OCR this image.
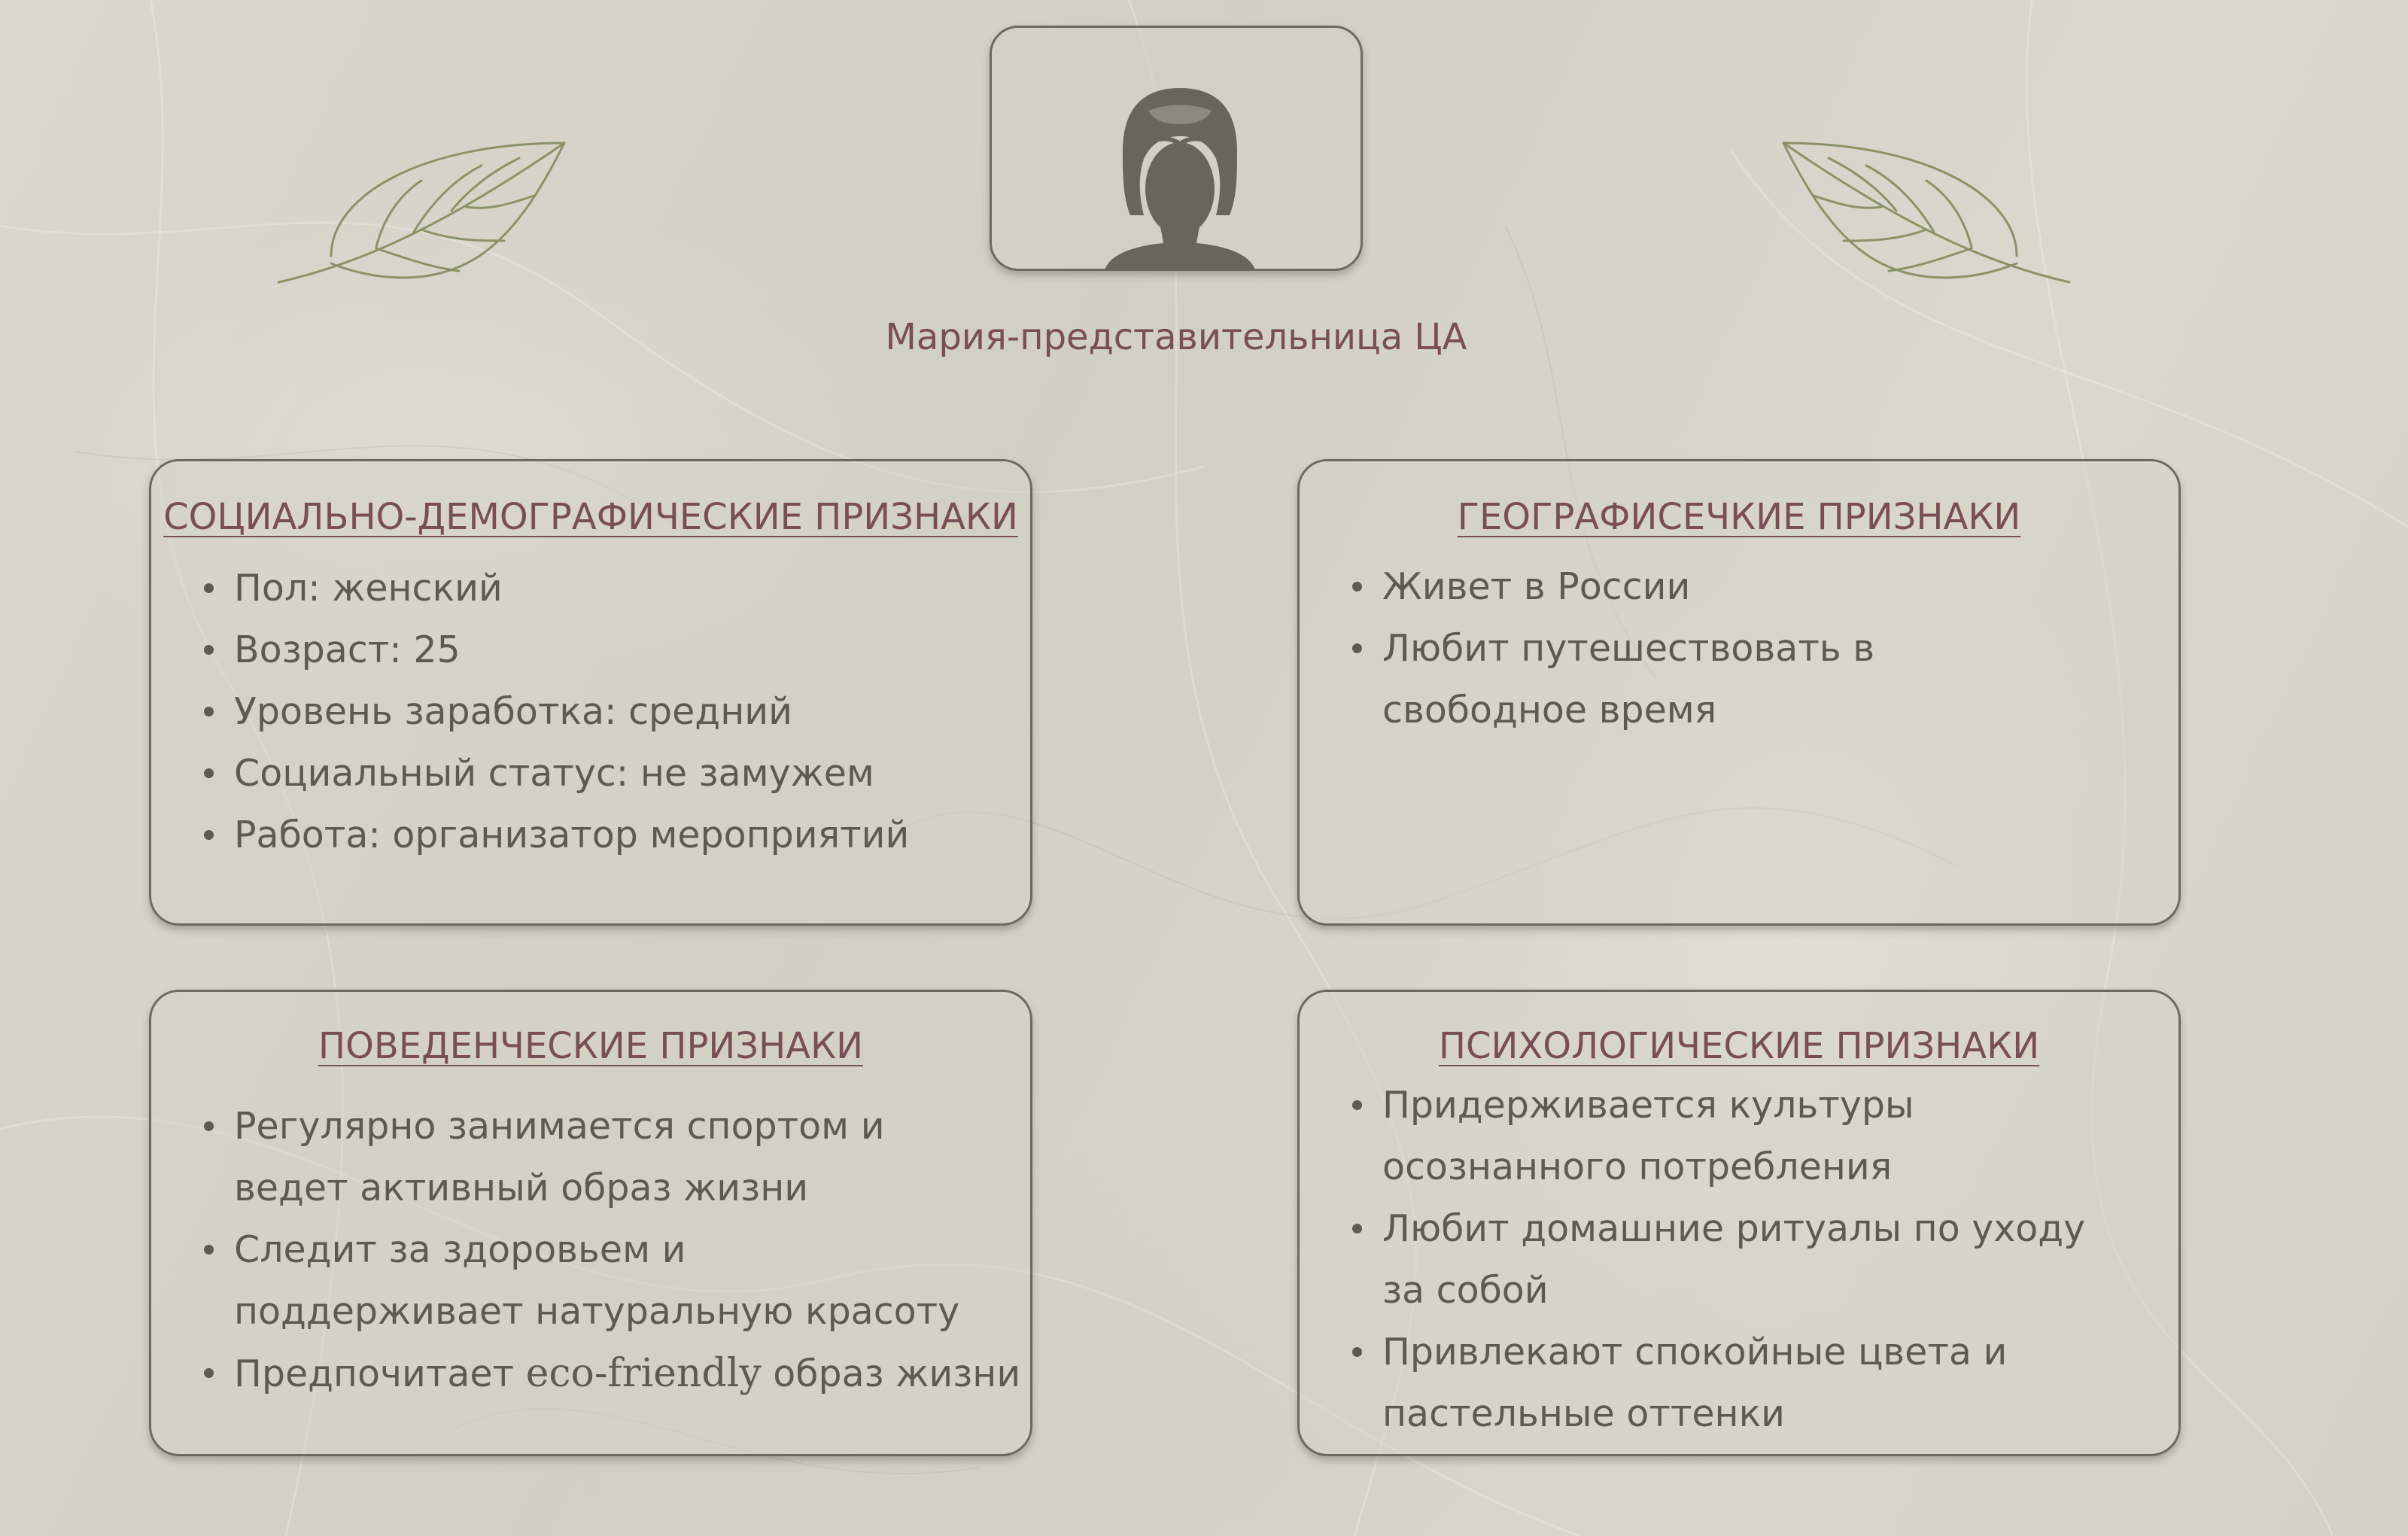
Мария-представительница ЦА
СОЦИАЛЬНО-ДЕМОГРАФИЧЕСКИЕ ПРИЗНАКИ
Пол: женский
Возраст: 25
Уровень заработка: средний
Социальный статус: не замужем
Работа: организатор мероприятий
ГЕОГРАФИСЕЧКИЕ ПРИЗНАКИ
Живет в России
Любит путешествовать в свободное время
ПОВЕДЕНЧЕСКИЕ ПРИЗНАКИ
Регулярно занимается спортом и ведет активный образ жизни
Следит за здоровьем и поддерживает натуральную красоту
Предпочитает eco-friendly образ жизни
ПСИХОЛОГИЧЕСКИЕ ПРИЗНАКИ
Придерживается культуры осознанного потребления
Любит домашние ритуалы по уходу за собой
Привлекают спокойные цвета и пастельные оттенки
